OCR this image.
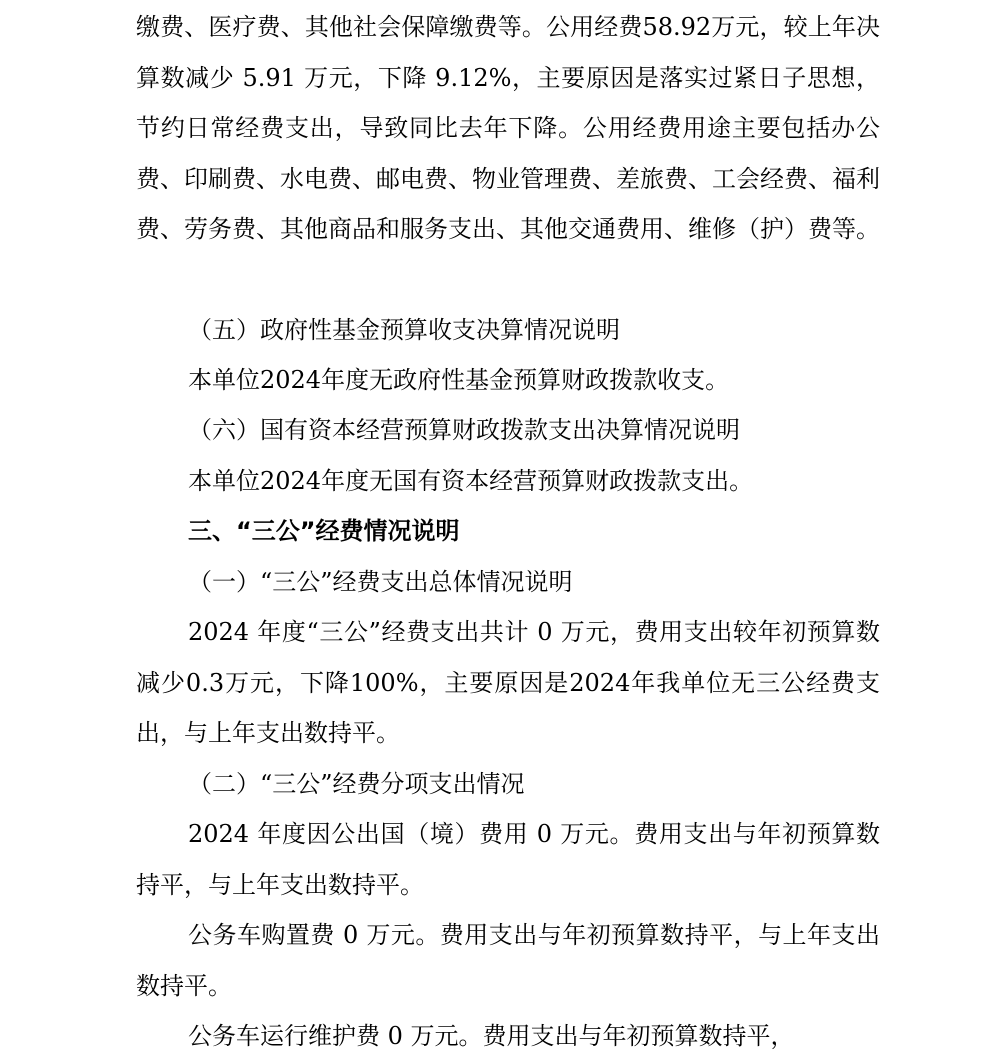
缴费、医疗费、其他社会保障缴费等。公用经费58.92万元，较上年决算数减少 5.91 万元，下降 9.12%，主要原因是落实过紧日子思想，节约日常经费支出，导致同比去年下降。公用经费用途主要包括办公费、印刷费、水电费、邮电费、物业管理费、差旅费、工会经费、福利费、劳务费、其他商品和服务支出、其他交通费用、维修（护）费等。

（五）政府性基金预算收支决算情况说明

本单位2024年度无政府性基金预算财政拨款收支。

（六）国有资本经营预算财政拨款支出决算情况说明

本单位2024年度无国有资本经营预算财政拨款支出。

三、“三公”经费情况说明

（一）“三公”经费支出总体情况说明

2024 年度“三公”经费支出共计 0 万元，费用支出较年初预算数减少0.3万元，下降100%，主要原因是2024年我单位无三公经费支出，与上年支出数持平。

（二）“三公”经费分项支出情况

2024 年度因公出国（境）费用 0 万元。费用支出与年初预算数持平，与上年支出数持平。

公务车购置费 0 万元。费用支出与年初预算数持平，与上年支出数持平。

公务车运行维护费 0 万元。费用支出与年初预算数持平，
